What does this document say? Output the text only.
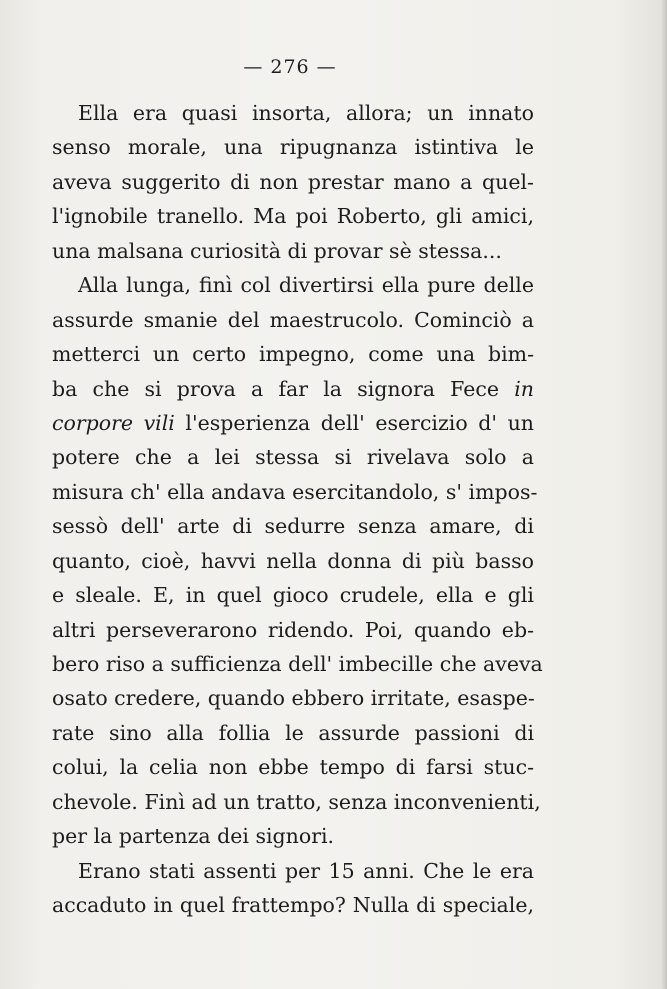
— 276 —
Ella era quasi insorta, allora; un innato
senso morale, una ripugnanza istintiva le
aveva suggerito di non prestar mano a quel-
l'ignobile tranello. Ma poi Roberto, gli amici,
una malsana curiosità di provar sè stessa...
Alla lunga, finì col divertirsi ella pure delle
assurde smanie del maestrucolo. Cominciò a
metterci un certo impegno, come una bim-
ba che si prova a far la signora Fece in
corpore vili l'esperienza dell' esercizio d' un
potere che a lei stessa si rivelava solo a
misura ch' ella andava esercitandolo, s' impos-
sessò dell' arte di sedurre senza amare, di
quanto, cioè, havvi nella donna di più basso
e sleale. E, in quel gioco crudele, ella e gli
altri perseverarono ridendo. Poi, quando eb-
bero riso a sufficienza dell' imbecille che aveva
osato credere, quando ebbero irritate, esaspe-
rate sino alla follia le assurde passioni di
colui, la celia non ebbe tempo di farsi stuc-
chevole. Finì ad un tratto, senza inconvenienti,
per la partenza dei signori.
Erano stati assenti per 15 anni. Che le era
accaduto in quel frattempo? Nulla di speciale,
